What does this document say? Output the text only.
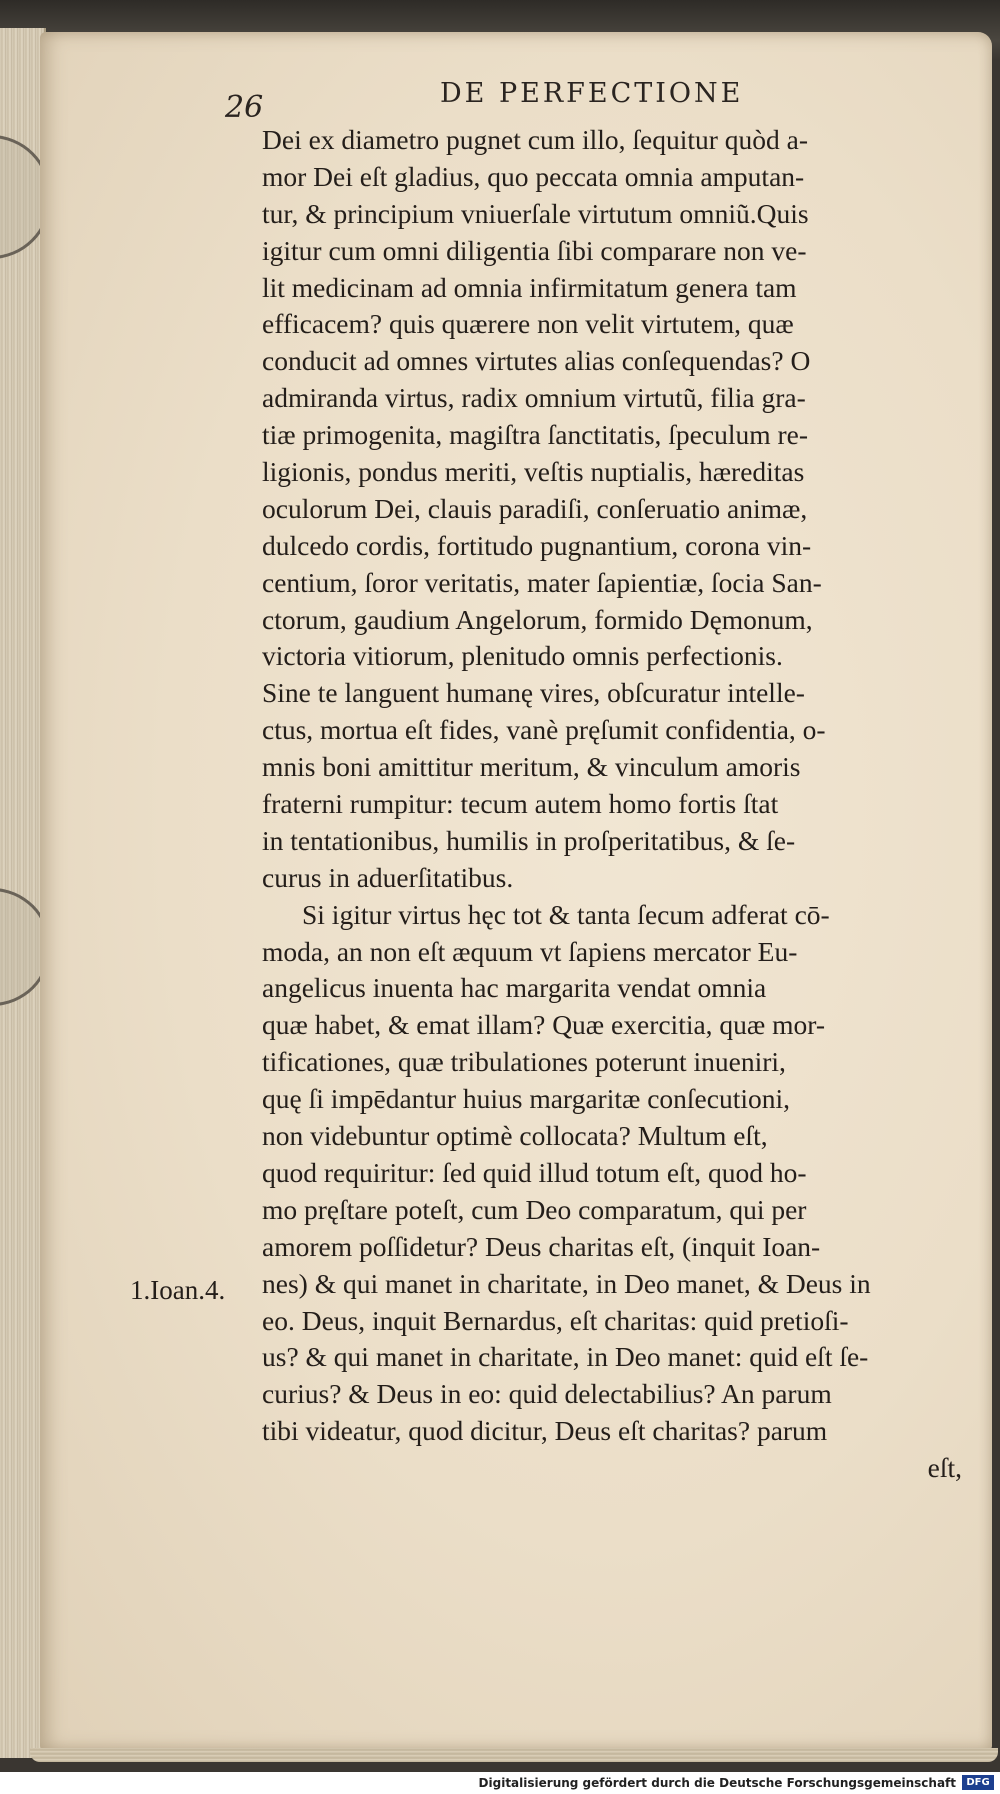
26	DE PERFECTIONE
Dei ex diametro pugnet cum illo, ſequitur quòd a-
mor Dei eſt gladius, quo peccata omnia amputan-
tur, & principium vniuerſale virtutum omniũ.Quis
igitur cum omni diligentia ſibi comparare non ve-
lit medicinam ad omnia infirmitatum genera tam
efficacem? quis quærere non velit virtutem, quæ
conducit ad omnes virtutes alias conſequendas? O
admiranda virtus, radix omnium virtutũ, filia gra-
tiæ primogenita, magiſtra ſanctitatis, ſpeculum re-
ligionis, pondus meriti, veſtis nuptialis, hæreditas
oculorum Dei, clauis paradiſi, conſeruatio animæ,
dulcedo cordis, fortitudo pugnantium, corona vin-
centium, ſoror veritatis, mater ſapientiæ, ſocia San-
ctorum, gaudium Angelorum, formido Dęmonum,
victoria vitiorum, plenitudo omnis perfectionis.
Sine te languent humanę vires, obſcuratur intelle-
ctus, mortua eſt fides, vanè pręſumit confidentia, o-
mnis boni amittitur meritum, & vinculum amoris
fraterni rumpitur: tecum autem homo fortis ſtat
in tentationibus, humilis in proſperitatibus, & ſe-
curus in aduerſitatibus.
Si igitur virtus hęc tot & tanta ſecum adferat cō-
moda, an non eſt æquum vt ſapiens mercator Eu-
angelicus inuenta hac margarita vendat omnia
quæ habet, & emat illam? Quæ exercitia, quæ mor-
tificationes, quæ tribulationes poterunt inueniri,
quę ſi impēdantur huius margaritæ conſecutioni,
non videbuntur optimè collocata? Multum eſt,
quod requiritur: ſed quid illud totum eſt, quod ho-
mo pręſtare poteſt, cum Deo comparatum, qui per
amorem poſſidetur? Deus charitas eſt, (inquit Ioan-
nes) & qui manet in charitate, in Deo manet, & Deus in
eo. Deus, inquit Bernardus, eſt charitas: quid pretioſi-
us? & qui manet in charitate, in Deo manet: quid eſt ſe-
curius? & Deus in eo: quid delectabilius? An parum
tibi videatur, quod dicitur, Deus eſt charitas? parum
eſt,
1.Ioan.4.
Digitalisierung gefördert durch die Deutsche Forschungsgemeinschaft	DFG
